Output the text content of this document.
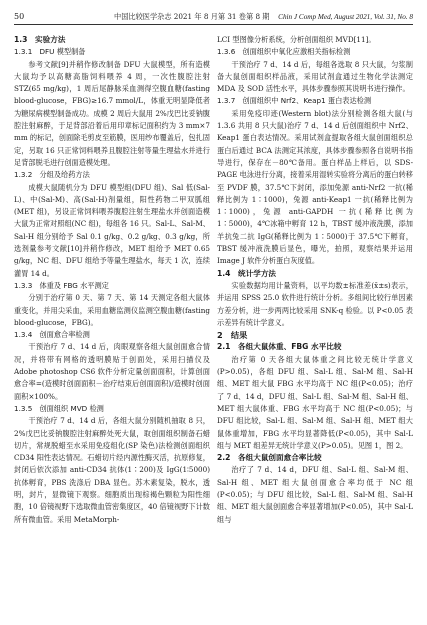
50	中国比较医学杂志 2021 年 8 月第 31 卷第 8 期 Chin J Comp Med, August 2021, Vol. 31, No. 8

1.3　实验方法

1.3.1　DFU 模型制备

参考文献[9]并稍作修改制备 DFU 大鼠模型，所有造模大鼠均予以高糖高脂饲料喂养 4 周，一次性腹腔注射 STZ(65 mg/kg)，1 周后尾静脉采血测得空腹血糖(fasting blood-glucose，FBG)≥16.7 mmol/L，体重无明显降低者为糖尿病模型制备成功。成模 2 周后大鼠用 2%戊巴比妥钠腹腔注射麻醉，于足背部沿着后用印章标记面积约为 3 mm×7 mm 的标记，创面除毛剪皮至筋膜，医用纱布覆盖后，包扎固定，另取 16 只正常饲料喂养且腹腔注射等量生理盐水并进行足背部脱毛进行创面造模处理。

1.3.2　分组及给药方法

成模大鼠随机分为 DFU 模型组(DFU 组)、Sal 低(Sal-L)、中(Sal-M)、高(Sal-H)剂量组，阳性药物二甲双胍组(MET 组)，另设正常饲料喂养腹腔注射生理盐水并创面造模大鼠为正常对照组(NC 组)，每组各 16 只。Sal-L、Sal-M、Sal-H 组分别给予 Sal 0.1 g/kg、0.2 g/kg、0.3 g/kg，所选剂量参考文献[10]并稍作修改，MET 组给予 MET 0.65 g/kg，NC 组、DFU 组给予等量生理盐水，每天 1 次，连续灌胃 14 d。

1.3.3　体重及 FBG 水平测定

分别于治疗第 0 天、第 7 天、第 14 天测定各组大鼠体重变化，并用尖采血，采用血糖监测仪监测空腹血糖(fasting blood-glucose，FBG)。

1.3.4　创面愈合率检测

干预治疗 7 d、14 d 后，肉眼观察各组大鼠创面愈合情况，并将带有网格的透明膜贴于创面处，采用扫描仪及 Adobe photoshop CS6 软件分析定量创面面积，计算创面愈合率=(造模时创面面积－治疗结束后创面面积)/造模时创面面积×100%。

1.3.5　创面组织 MVD 检测

干预治疗 7 d、14 d 后，各组大鼠分别随机抽取 8 只，2%戊巴比妥钠腹腔注射麻醉处死大鼠，取创面组织制备石蜡切片，常规脱蜡至水采用免疫组化(SP 染色)法检测创面组织 CD34 阳性表达情况。石蜡切片经内源性酶灭活，抗原修复，封闭后依次添加 anti-CD34 抗体(1∶200)及 IgG(1∶5000)抗体孵育，PBS 洗涤后 DBA 显色。苏木素复染，脱水，透明，封片，显微镜下观察。细胞质出现棕褐色颗粒为阳性细胞，10 倍镜视野下选取微血管密集度区，40 倍镜视野下计数所有微血管。采用 MetaMorph-

LCI 型图像分析系统，分析创面组织 MVD[11]。

1.3.6　创面组织中氧化应激相关指标检测

干预治疗 7 d、14 d 后，每组各选取 8 只大鼠，匀浆制备大鼠创面组织样品液，采用试剂盒通过生物化学法测定 MDA 及 SOD 活性水平，具体步骤参照其说明书进行操作。

1.3.7　创面组织中 Nrf2、Keap1 蛋白表达检测

采用免疫印迹(Western blot)法分别检测各组大鼠(与 1.3.6 共用 8 只大鼠)治疗 7 d、14 d 后创面组织中 Nrf2、Keap1 蛋白表达情况。采用试剂盒提取各组大鼠创面组织总蛋白后通过 BCA 法测定其浓度，具体步骤参照各自说明书指导进行，保存在－80℃备用。蛋白样品上样后，以 SDS-PAGE 电泳进行分离，接着采用湿转实验将分离后的蛋白转移至 PVDF 膜，37.5℃下封闭，添加兔源 anti-Nrf2 一抗(稀释比例为 1∶1000)，兔源 anti-Keap1 一抗(稀释比例为 1∶1000)，兔源 anti-GAPDH 一抗(稀释比例为 1∶5000)，4℃冰箱中孵育 12 h，TBST 缓冲液洗膜，添加羊抗兔二抗 IgG(稀释比例为 1∶5000)于 37.5℃下孵育，TBST 缓冲液洗膜后显色，曝光，拍照，观察结果并运用 Image J 软件分析蛋白灰度值。

1.4　统计学方法

实验数据均用计量资料，以平均数±标准差(x̄±s)表示，并运用 SPSS 25.0 软件进行统计分析。多组间比较行单因素方差分析，进一步两两比较采用 SNK-q 检验。以 P<0.05 表示差异有统计学意义。

2　结果

2.1　各组大鼠体重、FBG 水平比较

治疗第 0 天各组大鼠体重之间比较无统计学意义(P>0.05)，各组 DFU 组、Sal-L 组、Sal-M 组、Sal-H 组、MET 组大鼠 FBG 水平均高于 NC 组(P<0.05)；治疗了 7 d、14 d，DFU 组、Sal-L 组、Sal-M 组、Sal-H 组、MET 组大鼠体重、FBG 水平均高于 NC 组(P<0.05)；与 DFU 组比较，Sal-L 组、Sal-M 组、Sal-H 组、MET 组大鼠体重增加，FBG 水平均显著降低(P<0.05)，其中 Sal-L 组与 MET 组差异无统计学意义(P>0.05)。见图 1，图 2。

2.2　各组大鼠创面愈合率比较

治疗了 7 d、14 d，DFU 组、Sal-L 组、Sal-M 组、Sal-H 组、MET 组大鼠创面愈合率均低于 NC 组(P<0.05)；与 DFU 组比较，Sal-L 组、Sal-M 组、Sal-H 组、MET 组大鼠创面愈合率显著增加(P<0.05)，其中 Sal-L 组与
